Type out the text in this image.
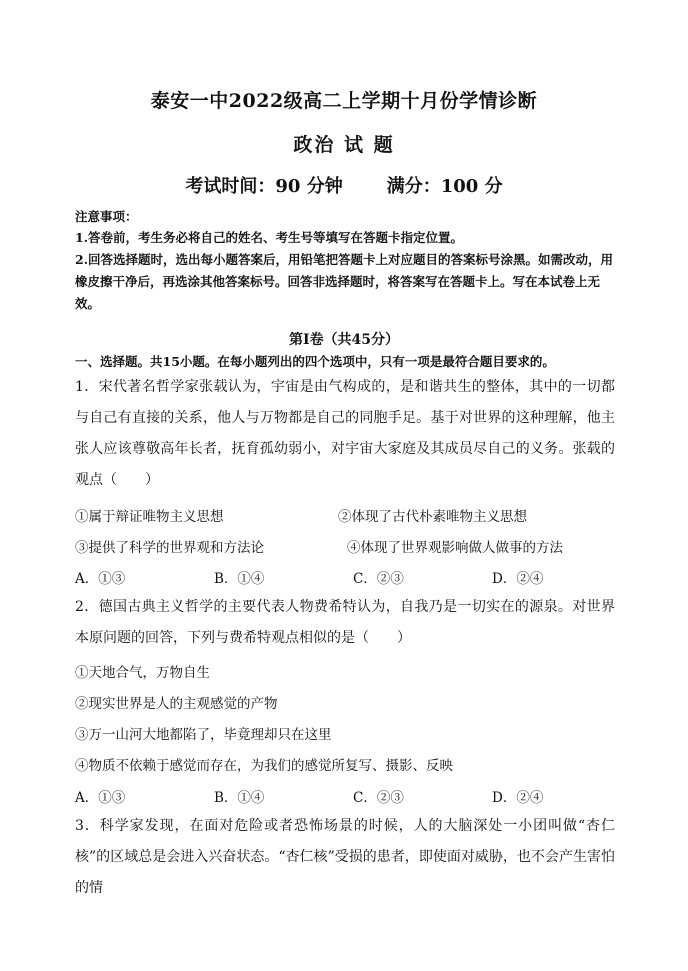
泰安一中2022级高二上学期十月份学情诊断
政治 试 题
考试时间：90 分钟 满分：100 分
注意事项：
1.答卷前，考生务必将自己的姓名、考生号等填写在答题卡指定位置。
2.回答选择题时，选出每小题答案后，用铅笔把答题卡上对应题目的答案标号涂黑。如需改动，用橡皮擦干净后，再选涂其他答案标号。回答非选择题时，将答案写在答题卡上。写在本试卷上无效。
第Ⅰ卷（共45分）
一、选择题。共15小题。在每小题列出的四个选项中，只有一项是最符合题目要求的。
1．宋代著名哲学家张载认为，宇宙是由气构成的，是和谐共生的整体，其中的一切都与自己有直接的关系，他人与万物都是自己的同胞手足。基于对世界的这种理解，他主张人应该尊敬高年长者，抚育孤幼弱小，对宇宙大家庭及其成员尽自己的义务。张载的观点（　　）
①属于辩证唯物主义思想	②体现了古代朴素唯物主义思想
③提供了科学的世界观和方法论	④体现了世界观影响做人做事的方法
A．①③	B．①④	C．②③	D．②④
2．德国古典主义哲学的主要代表人物费希特认为，自我乃是一切实在的源泉。对世界本原问题的回答，下列与费希特观点相似的是（　　）
①天地合气，万物自生
②现实世界是人的主观感觉的产物
③万一山河大地都陷了，毕竟理却只在这里
④物质不依赖于感觉而存在，为我们的感觉所复写、摄影、反映
A．①③	B．①④	C．②③	D．②④
3．科学家发现，在面对危险或者恐怖场景的时候，人的大脑深处一小团叫做“杏仁核”的区域总是会进入兴奋状态。“杏仁核”受损的患者，即使面对威胁，也不会产生害怕的情
